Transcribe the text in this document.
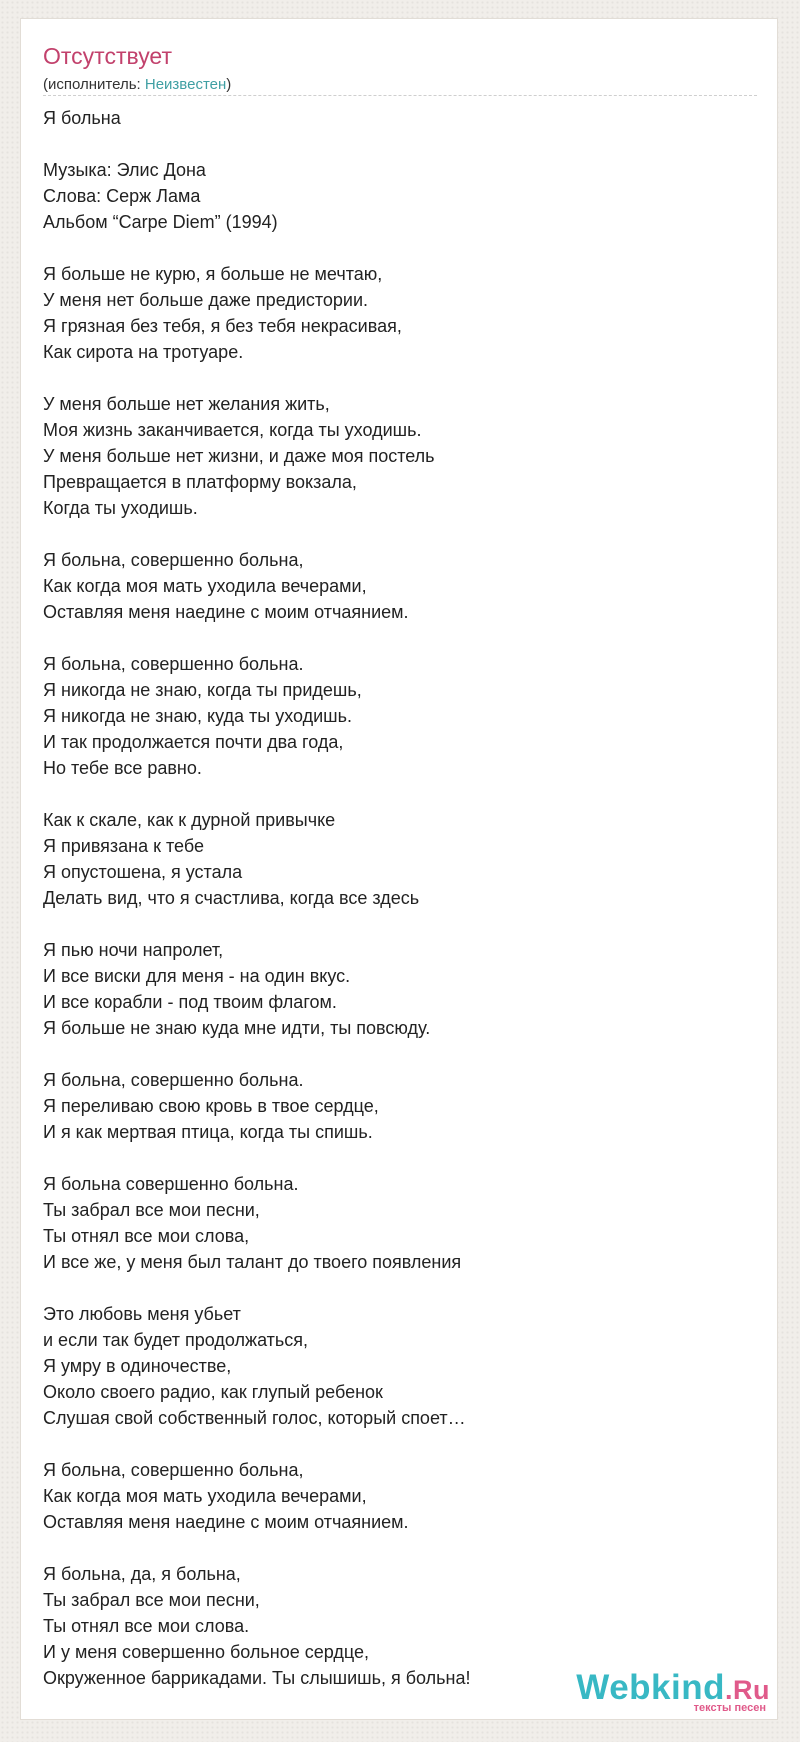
Отсутствует
(исполнитель: Неизвестен)
Я больна
Музыка: Элис Дона
Слова: Серж Лама
Альбом “Carpe Diem” (1994)
Я больше не курю, я больше не мечтаю,
У меня нет больше даже предистории.
Я грязная без тебя, я без тебя некрасивая,
Как сирота на тротуаре.
У меня больше нет желания жить,
Моя жизнь заканчивается, когда ты уходишь.
У меня больше нет жизни, и даже моя постель
Превращается в платформу вокзала,
Когда ты уходишь.
Я больна, совершенно больна,
Как когда моя мать уходила вечерами,
Оставляя меня наедине с моим отчаянием.
Я больна, совершенно больна.
Я никогда не знаю, когда ты придешь,
Я никогда не знаю, куда ты уходишь.
И так продолжается почти два года,
Но тебе все равно.
Как к скале, как к дурной привычке
Я привязана к тебе
Я опустошена, я устала
Делать вид, что я счастлива, когда все здесь
Я пью ночи напролет,
И все виски для меня - на один вкус.
И все корабли - под твоим флагом.
Я больше не знаю куда мне идти, ты повсюду.
Я больна, совершенно больна.
Я переливаю свою кровь в твое сердце,
И я как мертвая птица, когда ты спишь.
Я больна совершенно больна.
Ты забрал все мои песни,
Ты отнял все мои слова,
И все же, у меня был талант до твоего появления
Это любовь меня убьет
и если так будет продолжаться,
Я умру в одиночестве,
Около своего радио, как глупый ребенок
Слушая свой собственный голос, который споет…
Я больна, совершенно больна,
Как когда моя мать уходила вечерами,
Оставляя меня наедине с моим отчаянием.
Я больна, да, я больна,
Ты забрал все мои песни,
Ты отнял все мои слова.
И у меня совершенно больное сердце,
Окруженное баррикадами. Ты слышишь, я больна!	Webkind.Ru
тексты песен
